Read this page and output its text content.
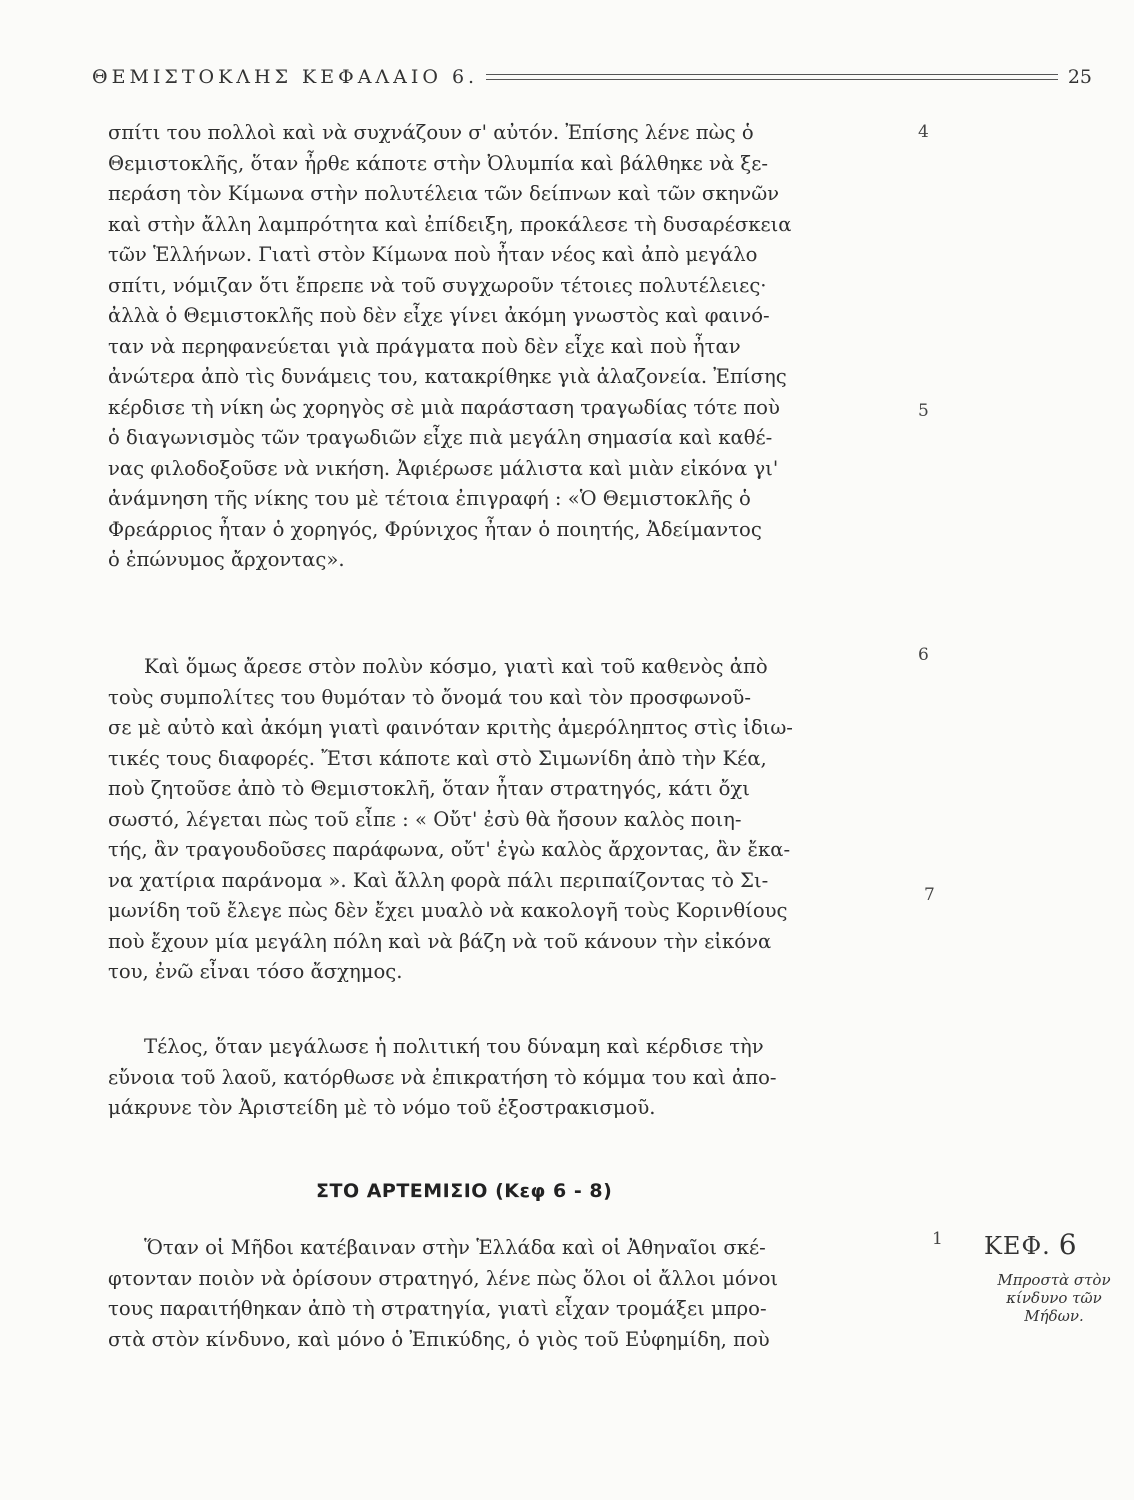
ΘΕΜΙΣΤΟΚΛΗΣ ΚΕΦΑΛΑΙΟ 6.	25
σπίτι του πολλοὶ καὶ νὰ συχνάζουν σ' αὐτόν. Ἐπίσης λένε πὼς ὁ
Θεμιστοκλῆς, ὅταν ἦρθε κάποτε στὴν Ὀλυμπία καὶ βάλθηκε νὰ ξε-
περάση τὸν Κίμωνα στὴν πολυτέλεια τῶν δείπνων καὶ τῶν σκηνῶν
καὶ στὴν ἄλλη λαμπρότητα καὶ ἐπίδειξη, προκάλεσε τὴ δυσαρέσκεια
τῶν Ἑλλήνων. Γιατὶ στὸν Κίμωνα ποὺ ἦταν νέος καὶ ἀπὸ μεγάλο
σπίτι, νόμιζαν ὅτι ἔπρεπε νὰ τοῦ συγχωροῦν τέτοιες πολυτέλειες·
ἀλλὰ ὁ Θεμιστοκλῆς ποὺ δὲν εἶχε γίνει ἀκόμη γνωστὸς καὶ φαινό-
ταν νὰ περηφανεύεται γιὰ πράγματα ποὺ δὲν εἶχε καὶ ποὺ ἦταν
ἀνώτερα ἀπὸ τὶς δυνάμεις του, κατακρίθηκε γιὰ ἀλαζονεία. Ἐπίσης
κέρδισε τὴ νίκη ὡς χορηγὸς σὲ μιὰ παράσταση τραγωδίας τότε ποὺ
ὁ διαγωνισμὸς τῶν τραγωδιῶν εἶχε πιὰ μεγάλη σημασία καὶ καθέ-
νας φιλοδοξοῦσε νὰ νικήση. Ἀφιέρωσε μάλιστα καὶ μιὰν εἰκόνα γι'
ἀνάμνηση τῆς νίκης του μὲ τέτοια ἐπιγραφή : «Ὁ Θεμιστοκλῆς ὁ
Φρεάρριος ἦταν ὁ χορηγός, Φρύνιχος ἦταν ὁ ποιητής, Ἀδείμαντος
ὁ ἐπώνυμος ἄρχοντας».
Καὶ ὅμως ἄρεσε στὸν πολὺν κόσμο, γιατὶ καὶ τοῦ καθενὸς ἀπὸ
τοὺς συμπολίτες του θυμόταν τὸ ὄνομά του καὶ τὸν προσφωνοῦ-
σε μὲ αὐτὸ καὶ ἀκόμη γιατὶ φαινόταν κριτὴς ἀμερόληπτος στὶς ἰδιω-
τικές τους διαφορές. Ἔτσι κάποτε καὶ στὸ Σιμωνίδη ἀπὸ τὴν Κέα,
ποὺ ζητοῦσε ἀπὸ τὸ Θεμιστοκλῆ, ὅταν ἦταν στρατηγός, κάτι ὄχι
σωστό, λέγεται πὼς τοῦ εἶπε : « Οὔτ' ἐσὺ θὰ ἤσουν καλὸς ποιη-
τής, ἂν τραγουδοῦσες παράφωνα, οὔτ' ἐγὼ καλὸς ἄρχοντας, ἂν ἔκα-
να χατίρια παράνομα ». Καὶ ἄλλη φορὰ πάλι περιπαίζοντας τὸ Σι-
μωνίδη τοῦ ἔλεγε πὼς δὲν ἔχει μυαλὸ νὰ κακολογῆ τοὺς Κορινθίους
ποὺ ἔχουν μία μεγάλη πόλη καὶ νὰ βάζη νὰ τοῦ κάνουν τὴν εἰκόνα
του, ἐνῶ εἶναι τόσο ἄσχημος.
Τέλος, ὅταν μεγάλωσε ἡ πολιτική του δύναμη καὶ κέρδισε τὴν
εὔνοια τοῦ λαοῦ, κατόρθωσε νὰ ἐπικρατήση τὸ κόμμα του καὶ ἀπο-
μάκρυνε τὸν Ἀριστείδη μὲ τὸ νόμο τοῦ ἐξοστρακισμοῦ.
ΣΤΟ ΑΡΤΕΜΙΣΙΟ (Κεφ 6 - 8)
Ὅταν οἱ Μῆδοι κατέβαιναν στὴν Ἑλλάδα καὶ οἱ Ἀθηναῖοι σκέ-
φτονταν ποιὸν νὰ ὁρίσουν στρατηγό, λένε πὼς ὅλοι οἱ ἄλλοι μόνοι
τους παραιτήθηκαν ἀπὸ τὴ στρατηγία, γιατὶ εἶχαν τρομάξει μπρο-
στὰ στὸν κίνδυνο, καὶ μόνο ὁ Ἐπικύδης, ὁ γιὸς τοῦ Εὐφημίδη, ποὺ
4
5
6
7
1 ΚΕΦ. 6
Μπροστὰ στὸν
κίνδυνο τῶν
Μήδων.
